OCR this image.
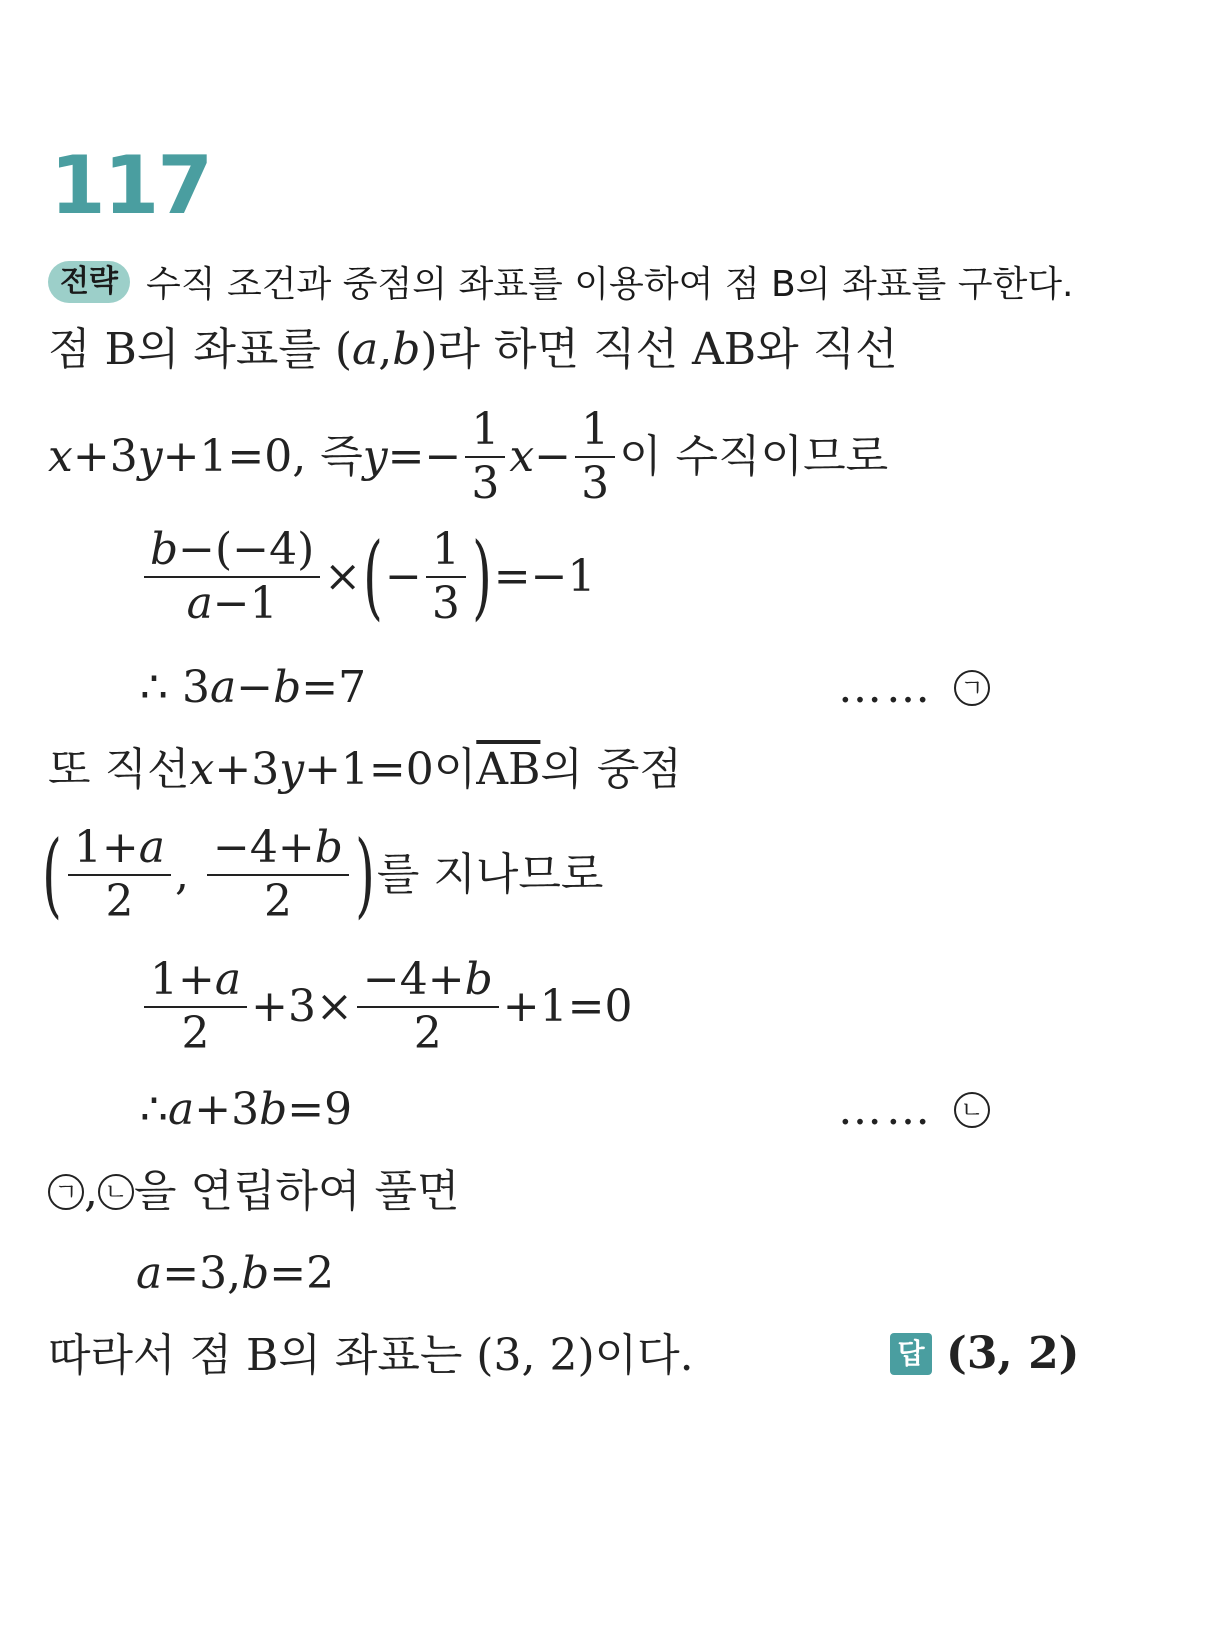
117
전략 수직 조건과 중점의 좌표를 이용하여 점 B의 좌표를 구한다.
점 B의 좌표를 ( a , b )라 하면 직선 AB와 직선
x +3 y +1=0, 즉 $y =- \frac{1}{3}$ $x - \frac{1}{3}$ 이 수직이므로
$\frac{b-(-4)}{a-1}$ × ( − $\frac{1}{3}$ ) =−1
∴ 3 a − b =7	…… ㄱ
또 직선 x +3 y +1=0이 $\overline{AB}$ 의 중점
( $\frac{1+a}{2}$ , $\frac{-4+b}{2}$ ) 를 지나므로
$\frac{1+a}{2} +3\times \frac{-4+b}{2} +1=0$
∴ a +3 b =9	…… ㄴ
ㄱ , ㄴ 을 연립하여 풀면
a =3, b =2
따라서 점 B의 좌표는 (3, 2)이다.	답 (3, 2)
